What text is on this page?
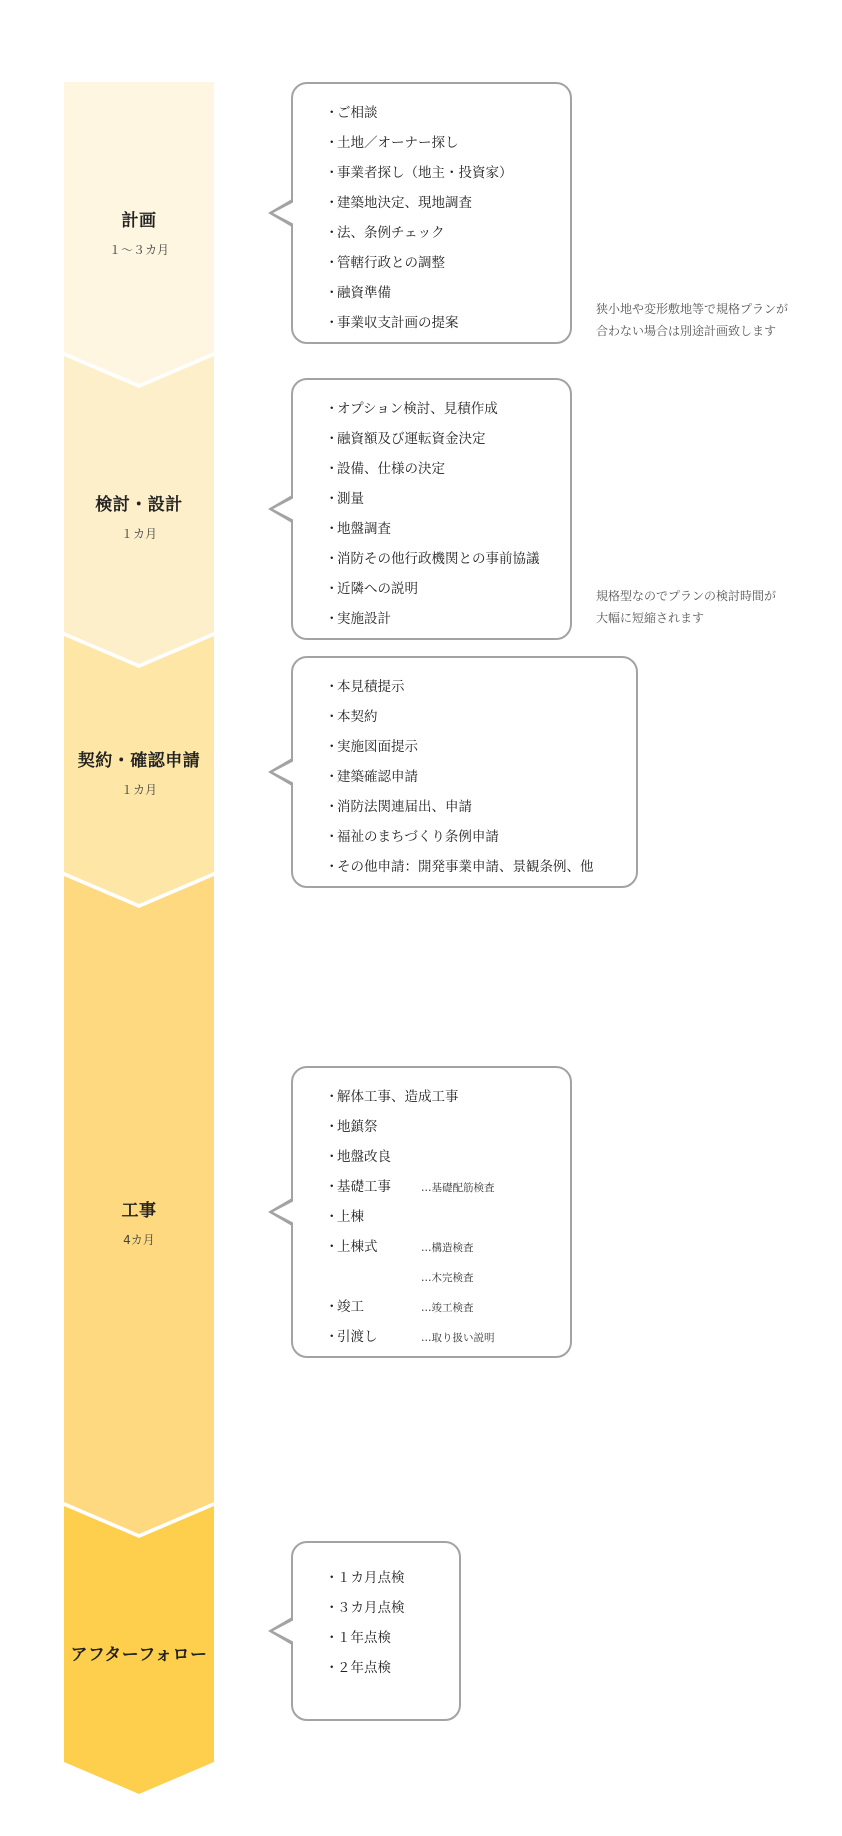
計画
１～３カ月
検討・設計
１カ月
契約・確認申請
１カ月
工事
4カ月
アフターフォロー
・ご相談
・土地／オーナー探し
・事業者探し（地主・投資家）
・建築地決定、現地調査
・法、条例チェック
・管轄行政との調整
・融資準備
・事業収支計画の提案
・オプション検討、見積作成
・融資額及び運転資金決定
・設備、仕様の決定
・測量
・地盤調査
・消防その他行政機関との事前協議
・近隣への説明
・実施設計
・本見積提示
・本契約
・実施図面提示
・建築確認申請
・消防法関連届出、申請
・福祉のまちづくり条例申請
・その他申請：開発事業申請、景観条例、他
・解体工事、造成工事
・地鎮祭
・地盤改良
・基礎工事	…基礎配筋検査
・上棟
・上棟式	…構造検査
…木完検査
・竣工	…竣工検査
・引渡し	…取り扱い説明
・１カ月点検
・３カ月点検
・１年点検
・２年点検
狭小地や変形敷地等で規格プランが
合わない場合は別途計画致します
規格型なのでプランの検討時間が
大幅に短縮されます
